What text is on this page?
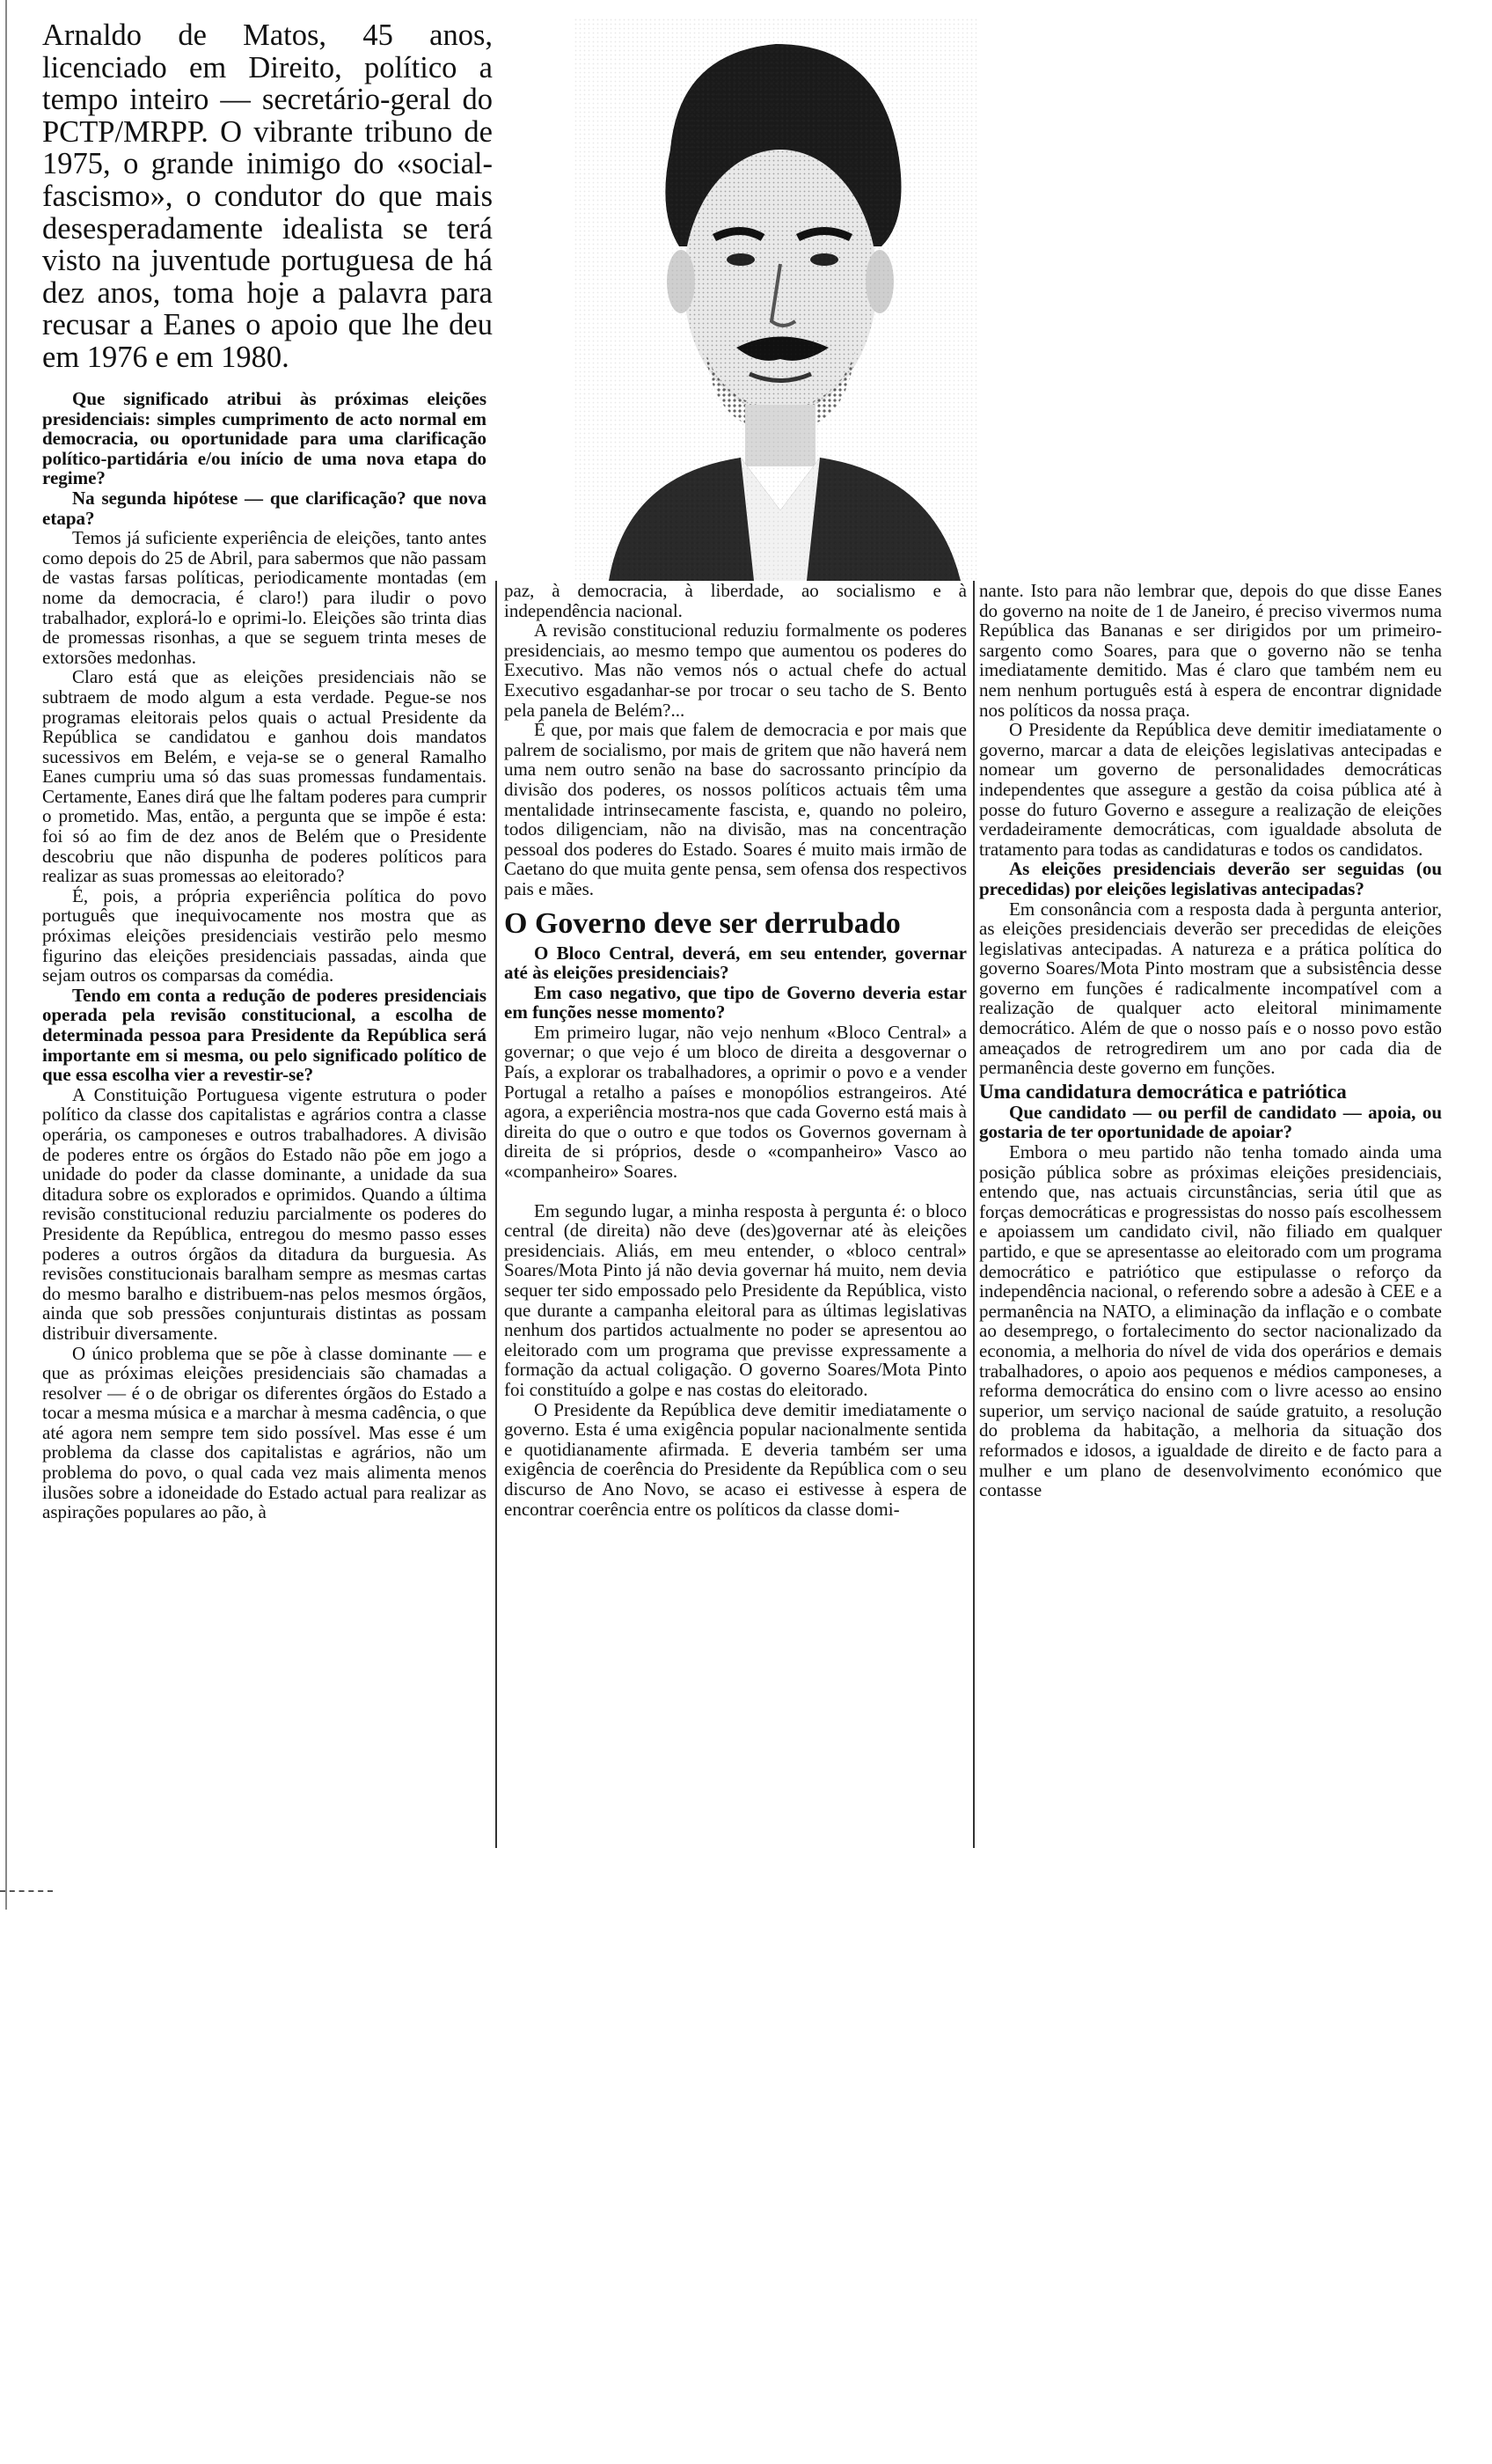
Arnaldo de Matos, 45 anos, licenciado em Direito, político a tempo inteiro — secretário-geral do PCTP/MRPP. O vibrante tribuno de 1975, o grande inimigo do «social-fascismo», o condutor do que mais desesperadamente idealista se terá visto na juventude portuguesa de há dez anos, toma hoje a palavra para recusar a Eanes o apoio que lhe deu em 1976 e em 1980.

Que significado atribui às próximas eleições presidenciais: simples cumprimento de acto normal em democracia, ou oportunidade para uma clarificação político-partidária e/ou início de uma nova etapa do regime?

Na segunda hipótese — que clarificação? que nova etapa?

Temos já suficiente experiência de eleições, tanto antes como depois do 25 de Abril, para sabermos que não passam de vastas farsas políticas, periodicamente montadas (em nome da democracia, é claro!) para iludir o povo trabalhador, explorá-lo e oprimi-lo. Eleições são trinta dias de promessas risonhas, a que se seguem trinta meses de extorsões medonhas.

Claro está que as eleições presidenciais não se subtraem de modo algum a esta verdade. Pegue-se nos programas eleitorais pelos quais o actual Presidente da República se candidatou e ganhou dois mandatos sucessivos em Belém, e veja-se se o general Ramalho Eanes cumpriu uma só das suas promessas fundamentais. Certamente, Eanes dirá que lhe faltam poderes para cumprir o prometido. Mas, então, a pergunta que se impõe é esta: foi só ao fim de dez anos de Belém que o Presidente descobriu que não dispunha de poderes políticos para realizar as suas promessas ao eleitorado?

É, pois, a própria experiência política do povo português que inequivocamente nos mostra que as próximas eleições presidenciais vestirão pelo mesmo figurino das eleições presidenciais passadas, ainda que sejam outros os comparsas da comédia.

Tendo em conta a redução de poderes presidenciais operada pela revisão constitucional, a escolha de determinada pessoa para Presidente da República será importante em si mesma, ou pelo significado político de que essa escolha vier a revestir-se?

A Constituição Portuguesa vigente estrutura o poder político da classe dos capitalistas e agrários contra a classe operária, os camponeses e outros trabalhadores. A divisão de poderes entre os órgãos do Estado não põe em jogo a unidade do poder da classe dominante, a unidade da sua ditadura sobre os explorados e oprimidos. Quando a última revisão constitucional reduziu parcialmente os poderes do Presidente da República, entregou do mesmo passo esses poderes a outros órgãos da ditadura da burguesia. As revisões constitucionais baralham sempre as mesmas cartas do mesmo baralho e distribuem-nas pelos mesmos órgãos, ainda que sob pressões conjunturais distintas as possam distribuir diversamente.

O único problema que se põe à classe dominante — e que as próximas eleições presidenciais são chamadas a resolver — é o de obrigar os diferentes órgãos do Estado a tocar a mesma música e a marchar à mesma cadência, o que até agora nem sempre tem sido possível. Mas esse é um problema da classe dos capitalistas e agrários, não um problema do povo, o qual cada vez mais alimenta menos ilusões sobre a idoneidade do Estado actual para realizar as aspirações populares ao pão, à

paz, à democracia, à liberdade, ao socialismo e à independência nacional.

A revisão constitucional reduziu formalmente os poderes presidenciais, ao mesmo tempo que aumentou os poderes do Executivo. Mas não vemos nós o actual chefe do actual Executivo esgadanhar-se por trocar o seu tacho de S. Bento pela panela de Belém?...

É que, por mais que falem de democracia e por mais que palrem de socialismo, por mais de gritem que não haverá nem uma nem outro senão na base do sacrossanto princípio da divisão dos poderes, os nossos políticos actuais têm uma mentalidade intrinsecamente fascista, e, quando no poleiro, todos diligenciam, não na divisão, mas na concentração pessoal dos poderes do Estado. Soares é muito mais irmão de Caetano do que muita gente pensa, sem ofensa dos respectivos pais e mães.

O Governo deve ser derrubado

O Bloco Central, deverá, em seu entender, governar até às eleições presidenciais?

Em caso negativo, que tipo de Governo deveria estar em funções nesse momento?

Em primeiro lugar, não vejo nenhum «Bloco Central» a governar; o que vejo é um bloco de direita a desgovernar o País, a explorar os trabalhadores, a oprimir o povo e a vender Portugal a retalho a países e monopólios estrangeiros. Até agora, a experiência mostra-nos que cada Governo está mais à direita do que o outro e que todos os Governos governam à direita de si próprios, desde o «companheiro» Vasco ao «companheiro» Soares.

Em segundo lugar, a minha resposta à pergunta é: o bloco central (de direita) não deve (des)governar até às eleições presidenciais. Aliás, em meu entender, o «bloco central» Soares/Mota Pinto já não devia governar há muito, nem devia sequer ter sido empossado pelo Presidente da República, visto que durante a campanha eleitoral para as últimas legislativas nenhum dos partidos actualmente no poder se apresentou ao eleitorado com um programa que previsse expressamente a formação da actual coligação. O governo Soares/Mota Pinto foi constituído a golpe e nas costas do eleitorado.

O Presidente da República deve demitir imediatamente o governo. Esta é uma exigência popular nacionalmente sentida e quotidianamente afirmada. E deveria também ser uma exigência de coerência do Presidente da República com o seu discurso de Ano Novo, se acaso ei estivesse à espera de encontrar coerência entre os políticos da classe domi-

nante. Isto para não lembrar que, depois do que disse Eanes do governo na noite de 1 de Janeiro, é preciso vivermos numa República das Bananas e ser dirigidos por um primeiro-sargento como Soares, para que o governo não se tenha imediatamente demitido. Mas é claro que também nem eu nem nenhum português está à espera de encontrar dignidade nos políticos da nossa praça.

O Presidente da República deve demitir imediatamente o governo, marcar a data de eleições legislativas antecipadas e nomear um governo de personalidades democráticas independentes que assegure a gestão da coisa pública até à posse do futuro Governo e assegure a realização de eleições verdadeiramente democráticas, com igualdade absoluta de tratamento para todas as candidaturas e todos os candidatos.

As eleições presidenciais deverão ser seguidas (ou precedidas) por eleições legislativas antecipadas?

Em consonância com a resposta dada à pergunta anterior, as eleições presidenciais deverão ser precedidas de eleições legislativas antecipadas. A natureza e a prática política do governo Soares/Mota Pinto mostram que a subsistência desse governo em funções é radicalmente incompatível com a realização de qualquer acto eleitoral minimamente democrático. Além de que o nosso país e o nosso povo estão ameaçados de retrogredirem um ano por cada dia de permanência deste governo em funções.

Uma candidatura democrática e patriótica

Que candidato — ou perfil de candidato — apoia, ou gostaria de ter oportunidade de apoiar?

Embora o meu partido não tenha tomado ainda uma posição pública sobre as próximas eleições presidenciais, entendo que, nas actuais circunstâncias, seria útil que as forças democráticas e progressistas do nosso país escolhessem e apoiassem um candidato civil, não filiado em qualquer partido, e que se apresentasse ao eleitorado com um programa democrático e patriótico que estipulasse o reforço da independência nacional, o referendo sobre a adesão à CEE e a permanência na NATO, a eliminação da inflação e o combate ao desemprego, o fortalecimento do sector nacionalizado da economia, a melhoria do nível de vida dos operários e demais trabalhadores, o apoio aos pequenos e médios camponeses, a reforma democrática do ensino com o livre acesso ao ensino superior, um serviço nacional de saúde gratuito, a resolução do problema da habitação, a melhoria da situação dos reformados e idosos, a igualdade de direito e de facto para a mulher e um plano de desenvolvimento económico que contasse
